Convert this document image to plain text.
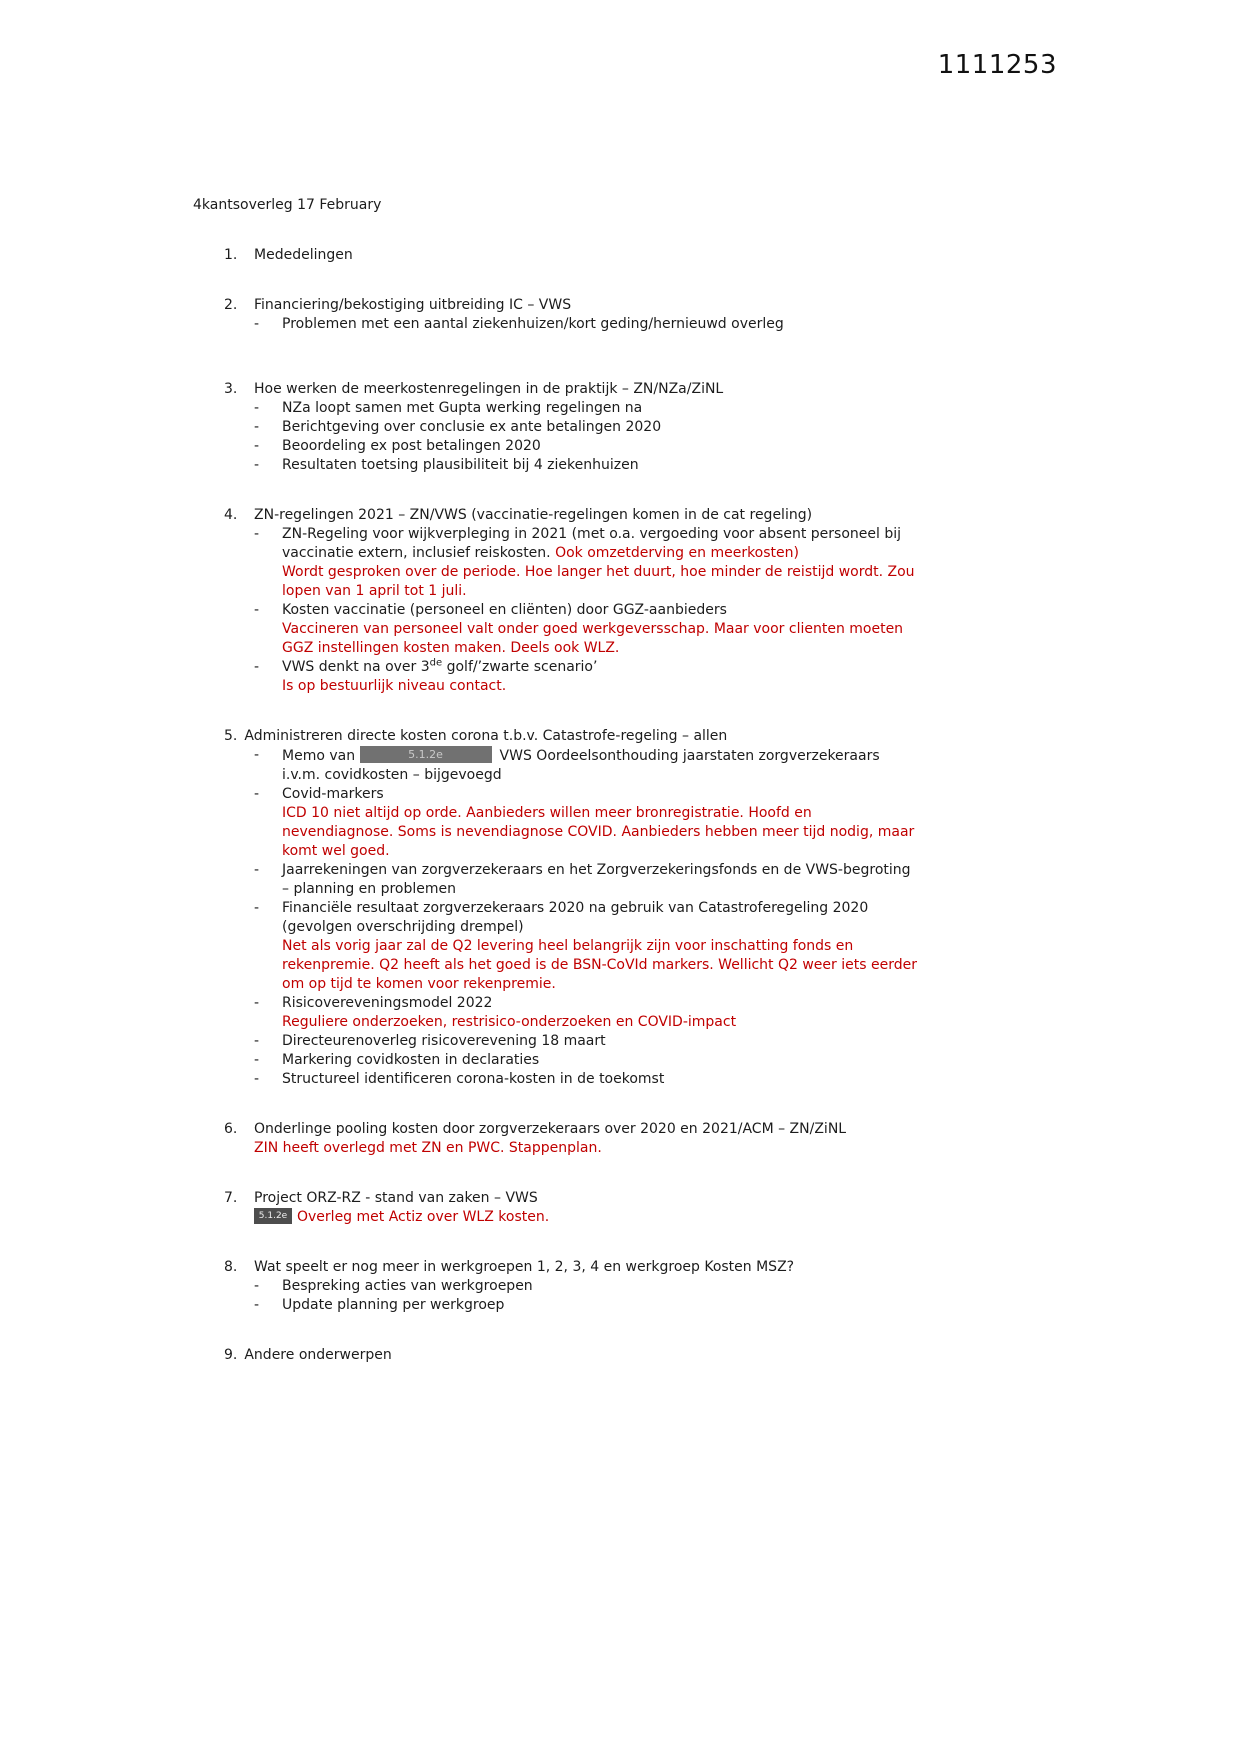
1111253
4kantsoverleg 17 February
1.	Mededelingen
2.	Financiering/bekostiging uitbreiding IC – VWS
-	Problemen met een aantal ziekenhuizen/kort geding/hernieuwd overleg
3.	Hoe werken de meerkostenregelingen in de praktijk – ZN/NZa/ZiNL
-	NZa loopt samen met Gupta werking regelingen na
-	Berichtgeving over conclusie ex ante betalingen 2020
-	Beoordeling ex post betalingen 2020
-	Resultaten toetsing plausibiliteit bij 4 ziekenhuizen
4.	ZN-regelingen 2021 – ZN/VWS (vaccinatie-regelingen komen in de cat regeling)
-	ZN-Regeling voor wijkverpleging in 2021 (met o.a. vergoeding voor absent personeel bij vaccinatie extern, inclusief reiskosten. Ook omzetderving en meerkosten)
Wordt gesproken over de periode. Hoe langer het duurt, hoe minder de reistijd wordt. Zou lopen van 1 april tot 1 juli.
-	Kosten vaccinatie (personeel en cliënten) door GGZ-aanbieders
Vaccineren van personeel valt onder goed werkgeversschap. Maar voor clienten moeten GGZ instellingen kosten maken. Deels ook WLZ.
-	VWS denkt na over 3de golf/’zwarte scenario’
Is op bestuurlijk niveau contact.
5. Administreren directe kosten corona t.b.v. Catastrofe-regeling – allen
-	Memo van	5.1.2e	VWS Oordeelsonthouding jaarstaten zorgverzekeraars i.v.m. covidkosten – bijgevoegd
-	Covid-markers
ICD 10 niet altijd op orde. Aanbieders willen meer bronregistratie. Hoofd en nevendiagnose. Soms is nevendiagnose COVID. Aanbieders hebben meer tijd nodig, maar komt wel goed.
-	Jaarrekeningen van zorgverzekeraars en het Zorgverzekeringsfonds en de VWS-begroting – planning en problemen
-	Financiële resultaat zorgverzekeraars 2020 na gebruik van Catastroferegeling 2020 (gevolgen overschrijding drempel)
Net als vorig jaar zal de Q2 levering heel belangrijk zijn voor inschatting fonds en rekenpremie. Q2 heeft als het goed is de BSN-CoVId markers. Wellicht Q2 weer iets eerder om op tijd te komen voor rekenpremie.
-	Risicovereveningsmodel 2022
Reguliere onderzoeken, restrisico-onderzoeken en COVID-impact
-	Directeurenoverleg risicoverevening 18 maart
-	Markering covidkosten in declaraties
-	Structureel identificeren corona-kosten in de toekomst
6.	Onderlinge pooling kosten door zorgverzekeraars over 2020 en 2021/ACM – ZN/ZiNL
ZIN heeft overlegd met ZN en PWC. Stappenplan.
7.	Project ORZ-RZ - stand van zaken – VWS
5.1.2e Overleg met Actiz over WLZ kosten.
8.	Wat speelt er nog meer in werkgroepen 1, 2, 3, 4 en werkgroep Kosten MSZ?
-	Bespreking acties van werkgroepen
-	Update planning per werkgroep
9. Andere onderwerpen
